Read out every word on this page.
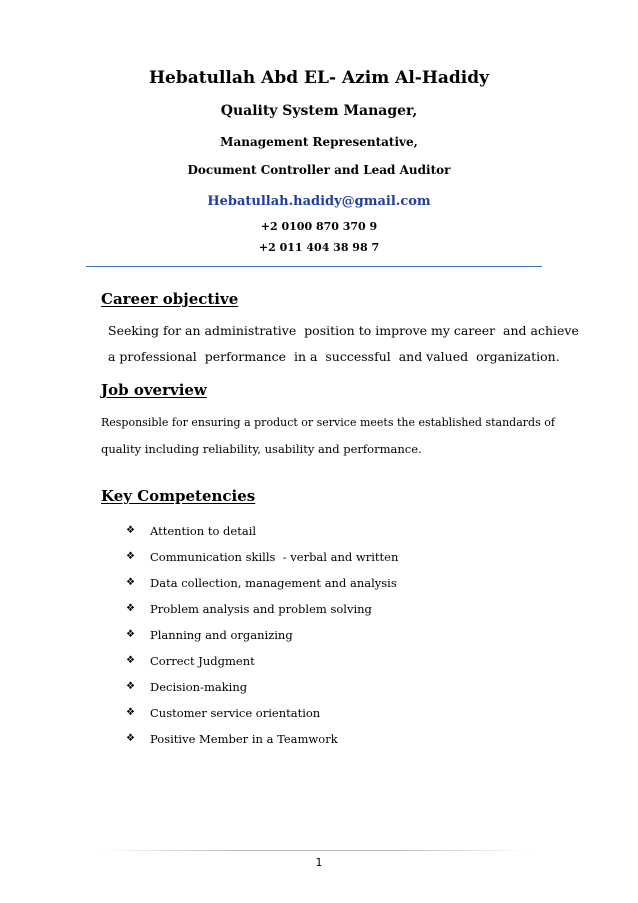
Hebatullah Abd EL- Azim Al-Hadidy
Quality System Manager,
Management Representative,
Document Controller and Lead Auditor
Hebatullah.hadidy@gmail.com
+2 0100 870 370 9
+2 011 404 38 98 7
Career objective
Seeking for an administrative  position to improve my career  and achieve
a professional  performance  in a  successful  and valued  organization.
Job overview
Responsible for ensuring a product or service meets the established standards of
quality including reliability, usability and performance.
Key Competencies
❖	Attention to detail
❖	Communication skills  - verbal and written
❖	Data collection, management and analysis
❖	Problem analysis and problem solving
❖	Planning and organizing
❖	Correct Judgment
❖	Decision-making
❖	Customer service orientation
❖	Positive Member in a Teamwork
1
